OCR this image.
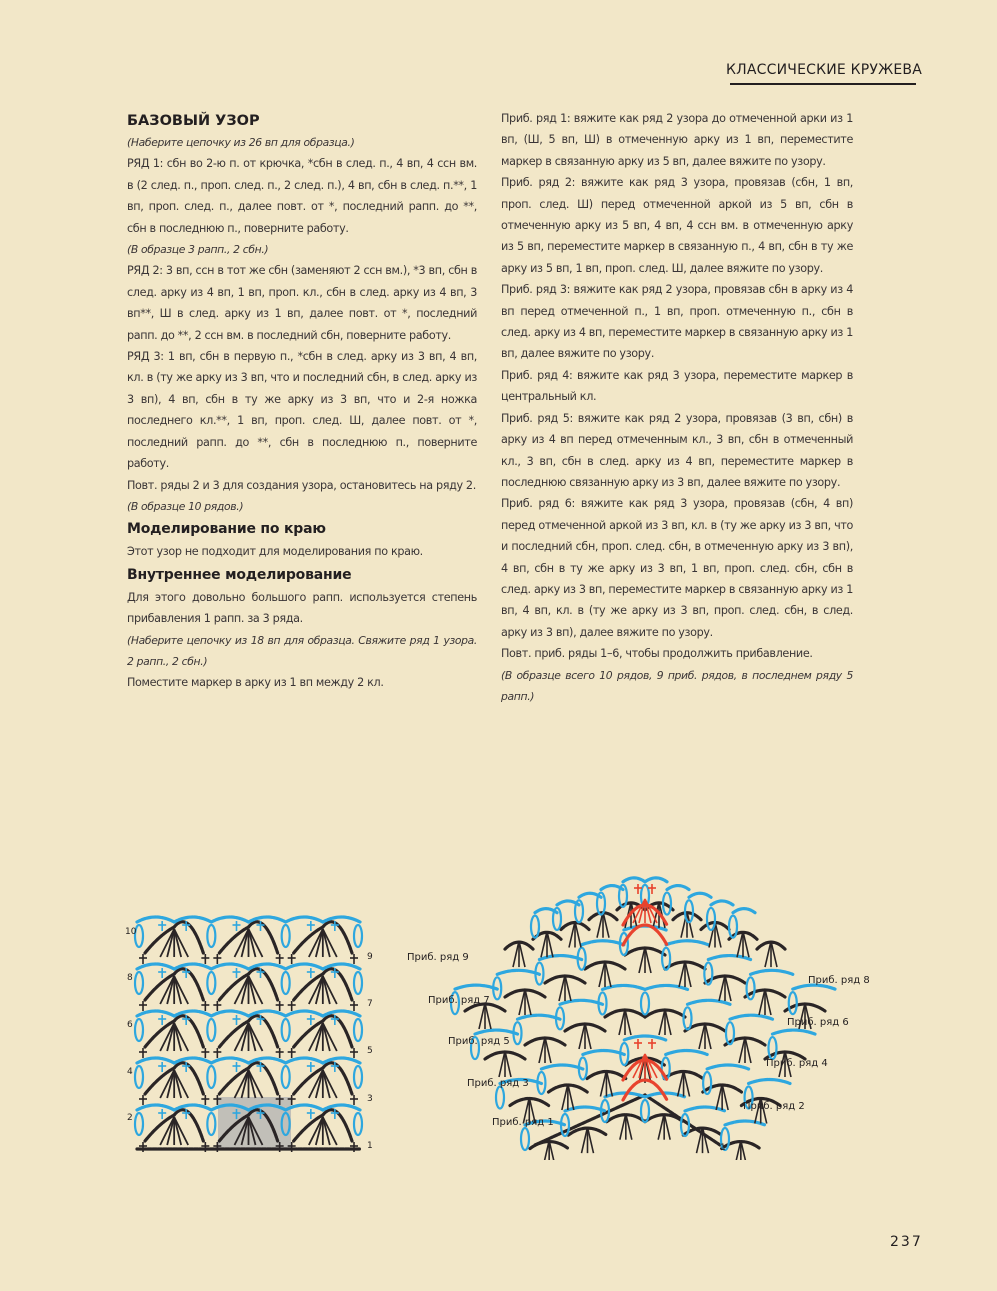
КЛАССИЧЕСКИЕ КРУЖЕВА
БАЗОВЫЙ УЗОР

(Наберите цепочку из 26 вп для образца.)

РЯД 1: сбн во 2-ю п. от крючка, *сбн в след. п., 4 вп, 4 ссн вм. в (2 след. п., проп. след. п., 2 след. п.), 4 вп, сбн в след. п.**, 1 вп, проп. след. п., далее повт. от *, последний рапп. до **, сбн в последнюю п., поверните работу.

(В образце 3 рапп., 2 сбн.)

РЯД 2: 3 вп, ссн в тот же сбн (заменяют 2 ссн вм.), *3 вп, сбн в след. арку из 4 вп, 1 вп, проп. кл., сбн в след. арку из 4 вп, 3 вп**, Ш в след. арку из 1 вп, далее повт. от *, последний рапп. до **, 2 ссн вм. в последний сбн, поверните работу.

РЯД 3: 1 вп, сбн в первую п., *сбн в след. арку из 3 вп, 4 вп, кл. в (ту же арку из 3 вп, что и последний сбн, в след. арку из 3 вп), 4 вп, сбн в ту же арку из 3 вп, что и 2-я ножка последнего кл.**, 1 вп, проп. след. Ш, далее повт. от *, последний рапп. до **, сбн в последнюю п., поверните работу.

Повт. ряды 2 и 3 для создания узора, остановитесь на ряду 2.

(В образце 10 рядов.)

Моделирование по краю

Этот узор не подходит для моделирования по краю.

Внутреннее моделирование

Для этого довольно большого рапп. используется степень прибавления 1 рапп. за 3 ряда.

(Наберите цепочку из 18 вп для образца. Свяжите ряд 1 узора. 2 рапп., 2 сбн.)

Поместите маркер в арку из 1 вп между 2 кл.

Приб. ряд 1: вяжите как ряд 2 узора до отмеченной арки из 1 вп, (Ш, 5 вп, Ш) в отмеченную арку из 1 вп, переместите маркер в связанную арку из 5 вп, далее вяжите по узору.

Приб. ряд 2: вяжите как ряд 3 узора, провязав (сбн, 1 вп, проп. след. Ш) перед отмеченной аркой из 5 вп, сбн в отмеченную арку из 5 вп, 4 вп, 4 ссн вм. в отмеченную арку из 5 вп, переместите маркер в связанную п., 4 вп, сбн в ту же арку из 5 вп, 1 вп, проп. след. Ш, далее вяжите по узору.

Приб. ряд 3: вяжите как ряд 2 узора, провязав сбн в арку из 4 вп перед отмеченной п., 1 вп, проп. отмеченную п., сбн в след. арку из 4 вп, переместите маркер в связанную арку из 1 вп, далее вяжите по узору.

Приб. ряд 4: вяжите как ряд 3 узора, переместите маркер в центральный кл.

Приб. ряд 5: вяжите как ряд 2 узора, провязав (3 вп, сбн) в арку из 4 вп перед отмеченным кл., 3 вп, сбн в отмеченный кл., 3 вп, сбн в след. арку из 4 вп, переместите маркер в последнюю связанную арку из 3 вп, далее вяжите по узору.

Приб. ряд 6: вяжите как ряд 3 узора, провязав (сбн, 4 вп) перед отмеченной аркой из 3 вп, кл. в (ту же арку из 3 вп, что и последний сбн, проп. след. сбн, в отмеченную арку из 3 вп), 4 вп, сбн в ту же арку из 3 вп, 1 вп, проп. след. сбн, сбн в след. арку из 3 вп, переместите маркер в связанную арку из 1 вп, 4 вп, кл. в (ту же арку из 3 вп, проп. след. сбн, в след. арку из 3 вп), далее вяжите по узору.

Повт. приб. ряды 1–6, чтобы продолжить прибавление.

(В образце всего 10 рядов, 9 приб. рядов, в последнем ряду 5 рапп.)

10
8
6
4
2
9
7
5
3
1
Приб. ряд 9
Приб. ряд 7
Приб. ряд 5
Приб. ряд 3
Приб. ряд 1
Приб. ряд 8
Приб. ряд 6
Приб. ряд 4
Приб. ряд 2
1
237
